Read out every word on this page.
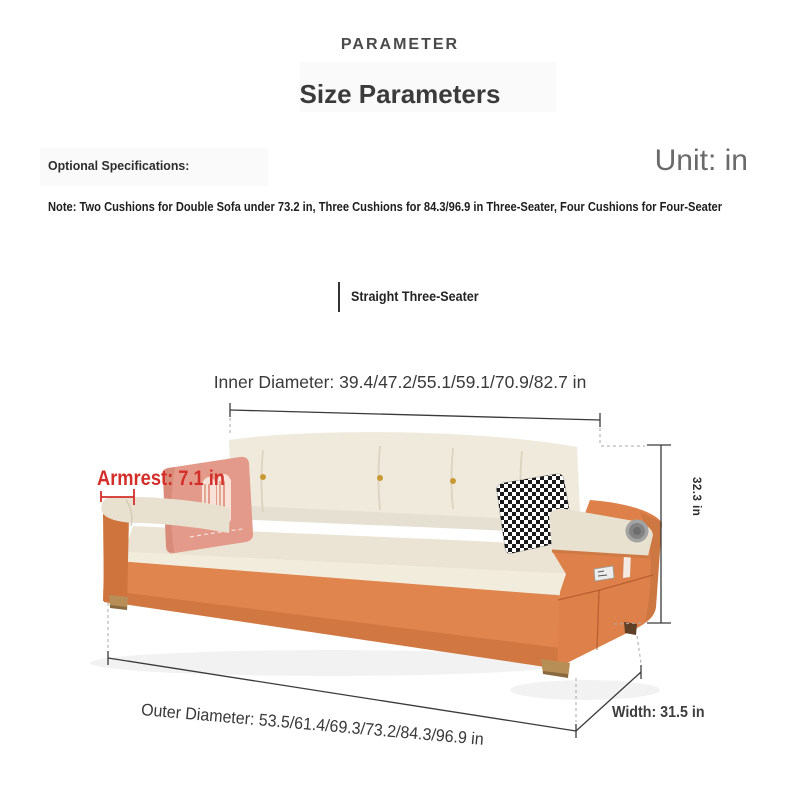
PARAMETER
Size Parameters
Optional Specifications:	Unit: in
Note: Two Cushions for Double Sofa under 73.2 in, Three Cushions for 84.3/96.9 in Three-Seater, Four Cushions for Four-Seater
Straight Three-Seater
Inner Diameter: 39.4/47.2/55.1/59.1/70.9/82.7 in
Armrest: 7.1 in	32.3 in
Outer Diameter: 53.5/61.4/69.3/73.2/84.3/96.9 in	Width: 31.5 in
